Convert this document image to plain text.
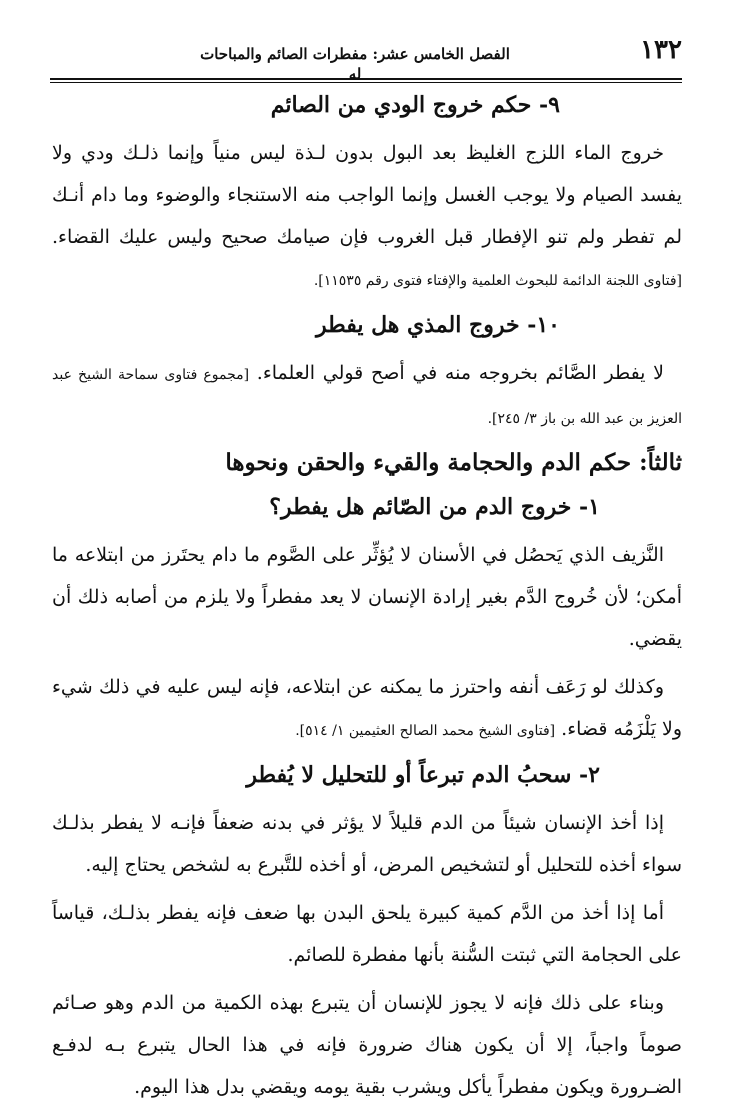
١٣٢
الفصل الخامس عشر: مفطرات الصائم والمباحات له
٩- حكم خروج الودي من الصائم

خروج الماء اللزج الغليظ بعد البول بدون لـذة ليس منياً وإنما ذلـك ودي ولا يفسد الصيام ولا يوجب الغسل وإنما الواجب منه الاستنجاء والوضوء وما دام أنـك لم تفطر ولم تنو الإفطار قبل الغروب فإن صيامك صحيح وليس عليك القضاء. [فتاوى اللجنة الدائمة للبحوث العلمية والإفتاء فتوى رقم ١١٥٣٥].

١٠- خروج المذي هل يفطر

لا يفطر الصَّائم بخروجه منه في أصح قولي العلماء. [مجموع فتاوى سماحة الشيخ عبد العزيز بن عبد الله بن باز ٣/ ٢٤٥].

ثالثاً: حكم الدم والحجامة والقيء والحقن ونحوها
١- خروج الدم من الصّائم هل يفطر؟

النَّزيف الذي يَحصُل في الأسنان لا يُؤثِّر على الصَّوم ما دام يحتَرز من ابتلاعه ما أمكن؛ لأن خُروج الدَّم بغير إرادة الإنسان لا يعد مفطراً ولا يلزم من أصابه ذلك أن يقضي.

وكذلك لو رَعَف أنفه واحترز ما يمكنه عن ابتلاعه، فإنه ليس عليه في ذلك شيء ولا يَلْزَمُه قضاء. [فتاوى الشيخ محمد الصالح العثيمين ١/ ٥١٤].

٢- سحبُ الدم تبرعاً أو للتحليل لا يُفطر

إذا أخذ الإنسان شيئاً من الدم قليلاً لا يؤثر في بدنه ضعفاً فإنـه لا يفطر بذلـك سواء أخذه للتحليل أو لتشخيص المرض، أو أخذه للتَّبرع به لشخص يحتاج إليه.

أما إذا أخذ من الدَّم كمية كبيرة يلحق البدن بها ضعف فإنه يفطر بذلـك، قياساً على الحجامة التي ثبتت السُّنة بأنها مفطرة للصائم.

وبناء على ذلك فإنه لا يجوز للإنسان أن يتبرع بهذه الكمية من الدم وهو صـائم صوماً واجباً، إلا أن يكون هناك ضرورة فإنه في هذا الحال يتبرع بـه لدفـع الضـرورة ويكون مفطراً يأكل ويشرب بقية يومه ويقضي بدل هذا اليوم.
